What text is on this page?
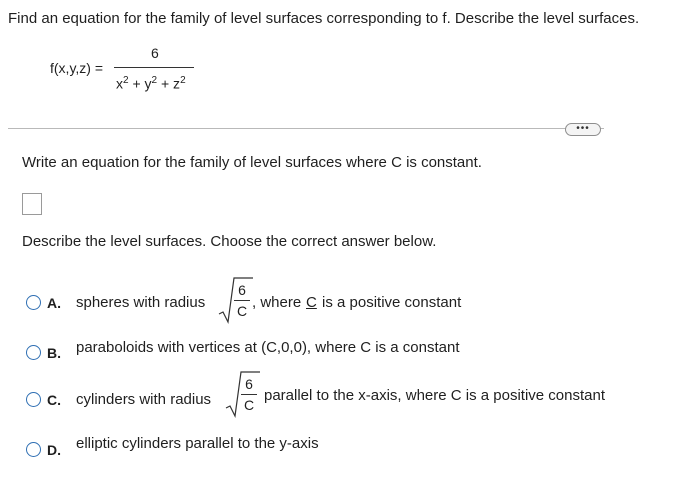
Find an equation for the family of level surfaces corresponding to f. Describe the level surfaces.
f(x,y,z) =
6
$x^2 + y^2 + z^2$
•••
Write an equation for the family of level surfaces where C is constant.
Describe the level surfaces. Choose the correct answer below.
A. spheres with radius
6
C , where C is a positive constant
B. paraboloids with vertices at (C,0,0), where C is a constant
C. cylinders with radius
6
C
parallel to the x-axis, where C is a positive constant
D. elliptic cylinders parallel to the y-axis
